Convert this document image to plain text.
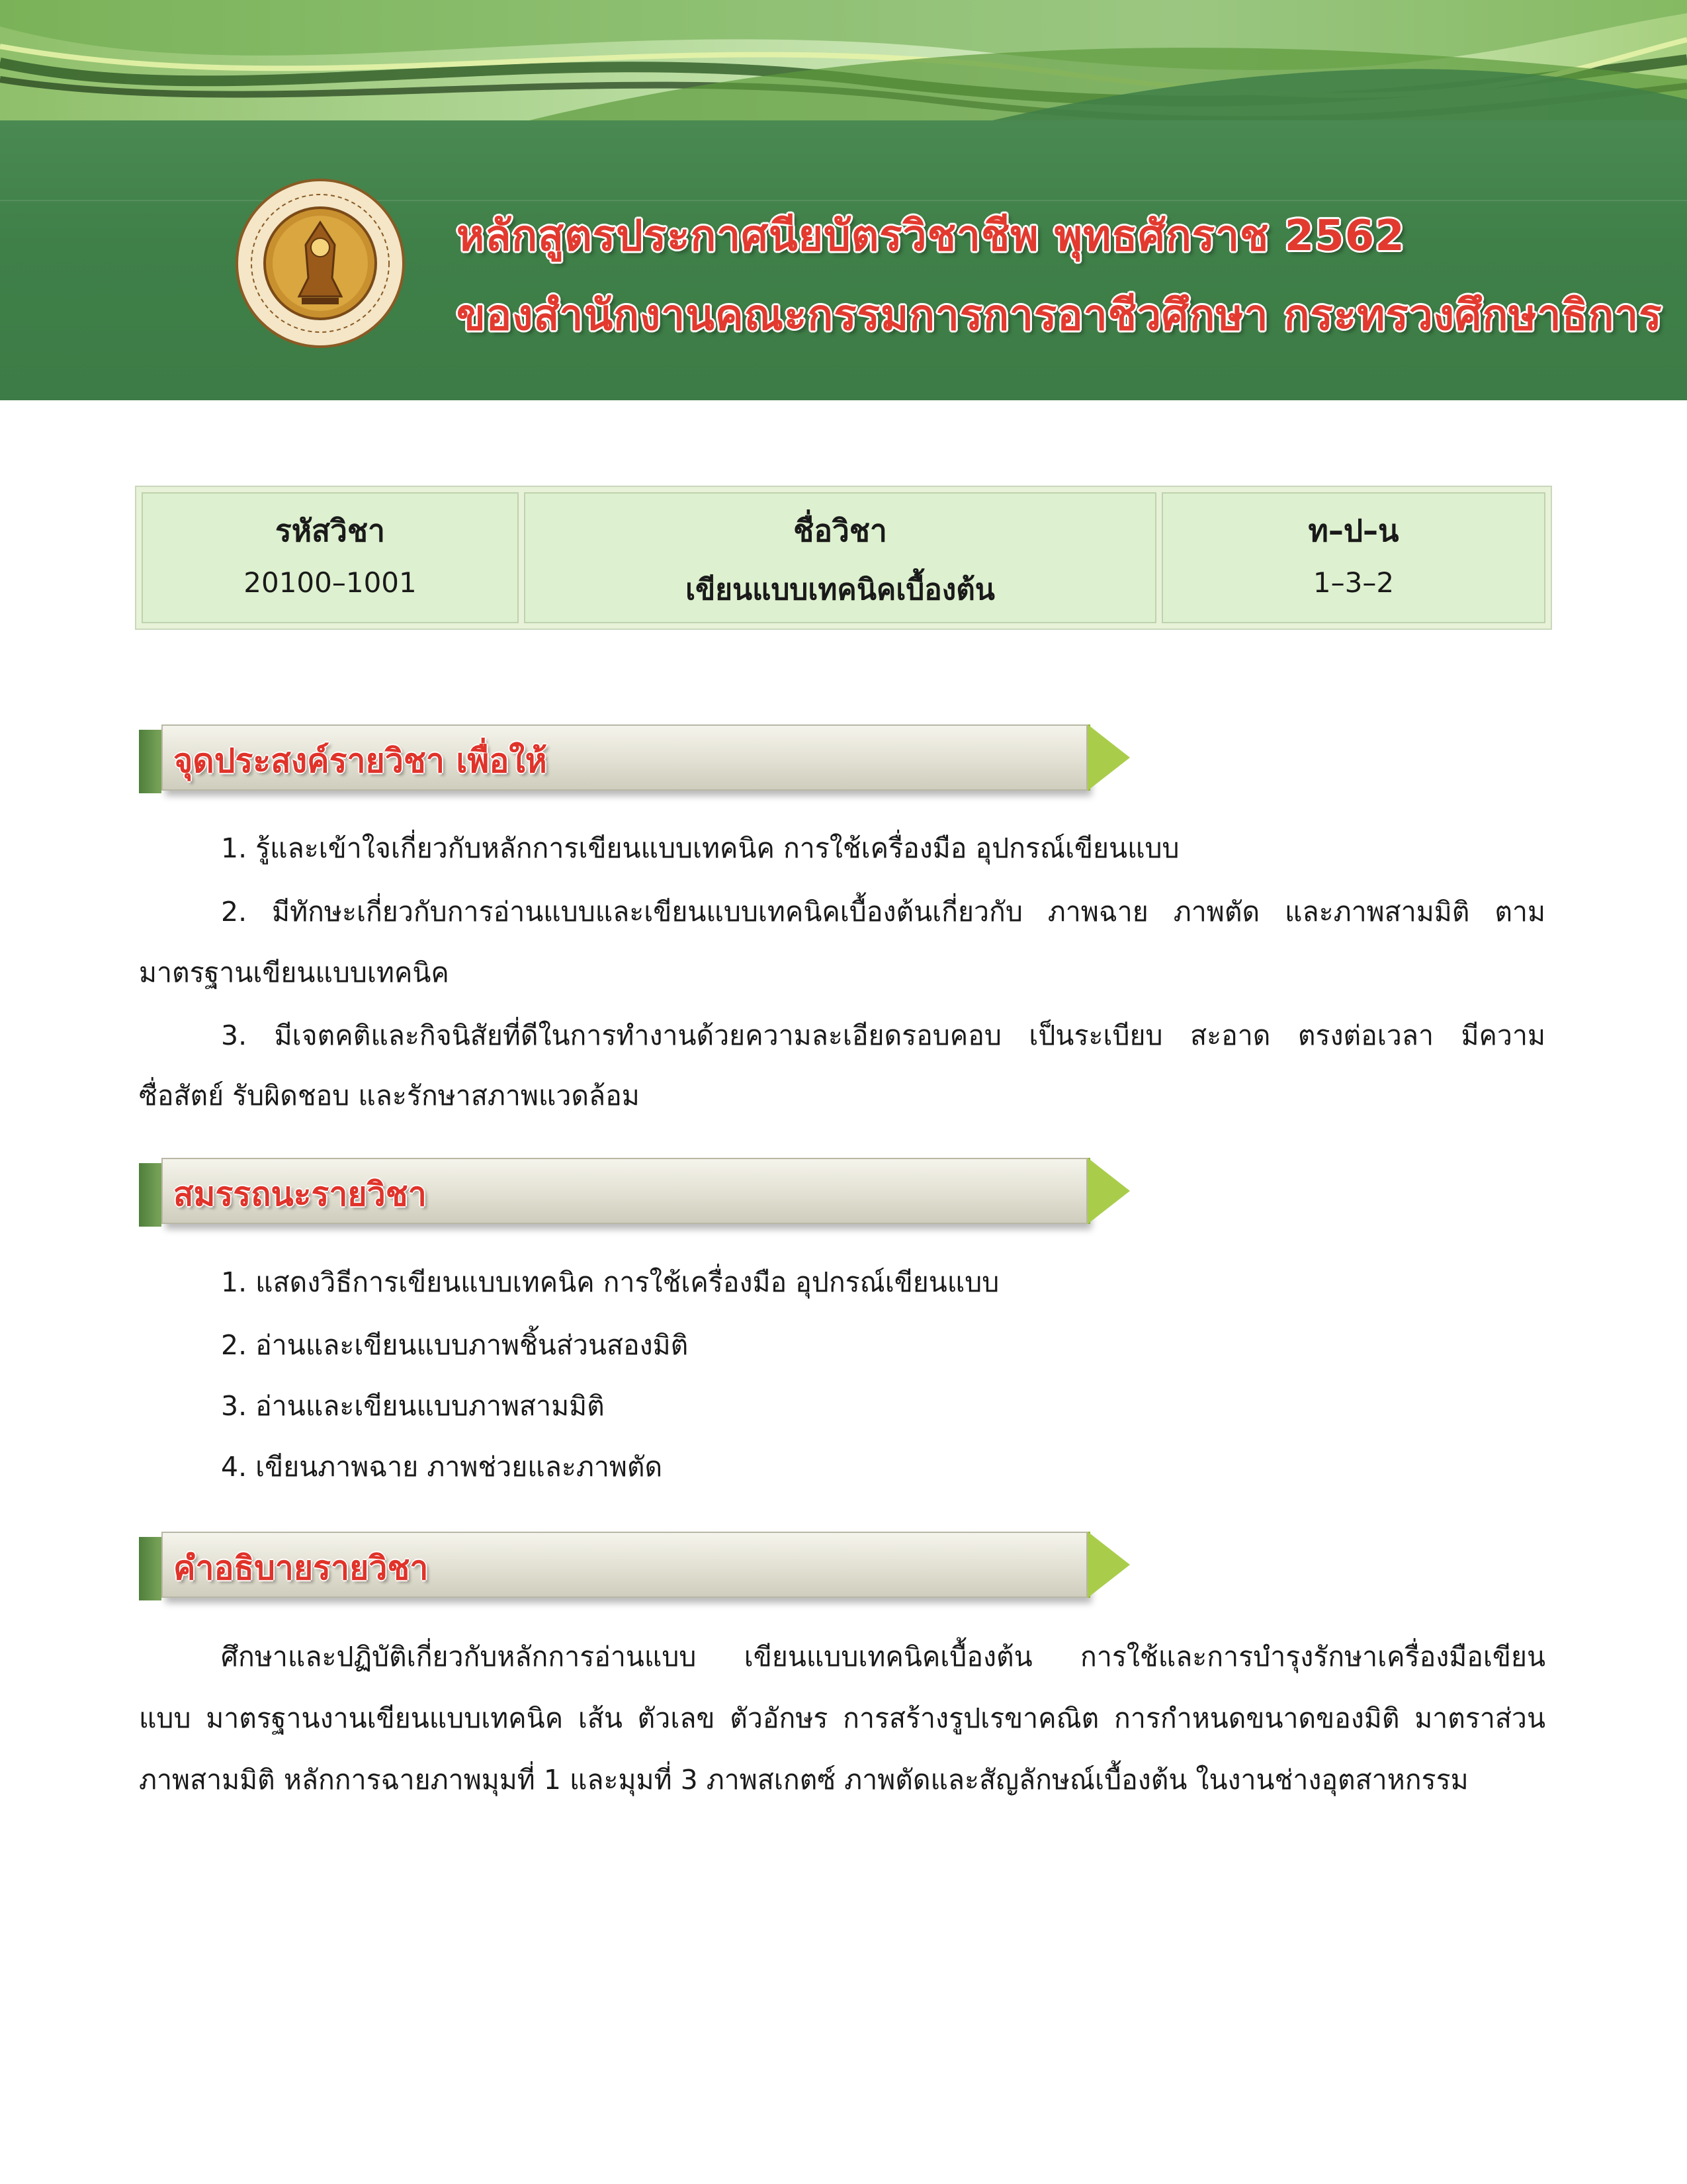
หลักสูตรประกาศนียบัตรวิชาชีพ พุทธศักราช 2562
ของสำนักงานคณะกรรมการการอาชีวศึกษา กระทรวงศึกษาธิการ
รหัสวิชา
20100–1001
ชื่อวิชา
เขียนแบบเทคนิคเบื้องต้น
ท–ป–น
1–3–2
จุดประสงค์รายวิชา เพื่อให้
1. รู้และเข้าใจเกี่ยวกับหลักการเขียนแบบเทคนิค การใช้เครื่องมือ อุปกรณ์เขียนแบบ
2. มีทักษะเกี่ยวกับการอ่านแบบและเขียนแบบเทคนิคเบื้องต้นเกี่ยวกับ ภาพฉาย ภาพตัด และภาพสามมิติ ตาม
มาตรฐานเขียนแบบเทคนิค
3. มีเจตคติและกิจนิสัยที่ดีในการทำงานด้วยความละเอียดรอบคอบ เป็นระเบียบ สะอาด ตรงต่อเวลา มีความ
ซื่อสัตย์ รับผิดชอบ และรักษาสภาพแวดล้อม
สมรรถนะรายวิชา
1. แสดงวิธีการเขียนแบบเทคนิค การใช้เครื่องมือ อุปกรณ์เขียนแบบ
2. อ่านและเขียนแบบภาพชิ้นส่วนสองมิติ
3. อ่านและเขียนแบบภาพสามมิติ
4. เขียนภาพฉาย ภาพช่วยและภาพตัด
คำอธิบายรายวิชา
ศึกษาและปฏิบัติเกี่ยวกับหลักการอ่านแบบ เขียนแบบเทคนิคเบื้องต้น การใช้และการบำรุงรักษาเครื่องมือเขียน
แบบ มาตรฐานงานเขียนแบบเทคนิค เส้น ตัวเลข ตัวอักษร การสร้างรูปเรขาคณิต การกำหนดขนาดของมิติ มาตราส่วน
ภาพสามมิติ หลักการฉายภาพมุมที่ 1 และมุมที่ 3 ภาพสเกตซ์ ภาพตัดและสัญลักษณ์เบื้องต้น ในงานช่างอุตสาหกรรม
